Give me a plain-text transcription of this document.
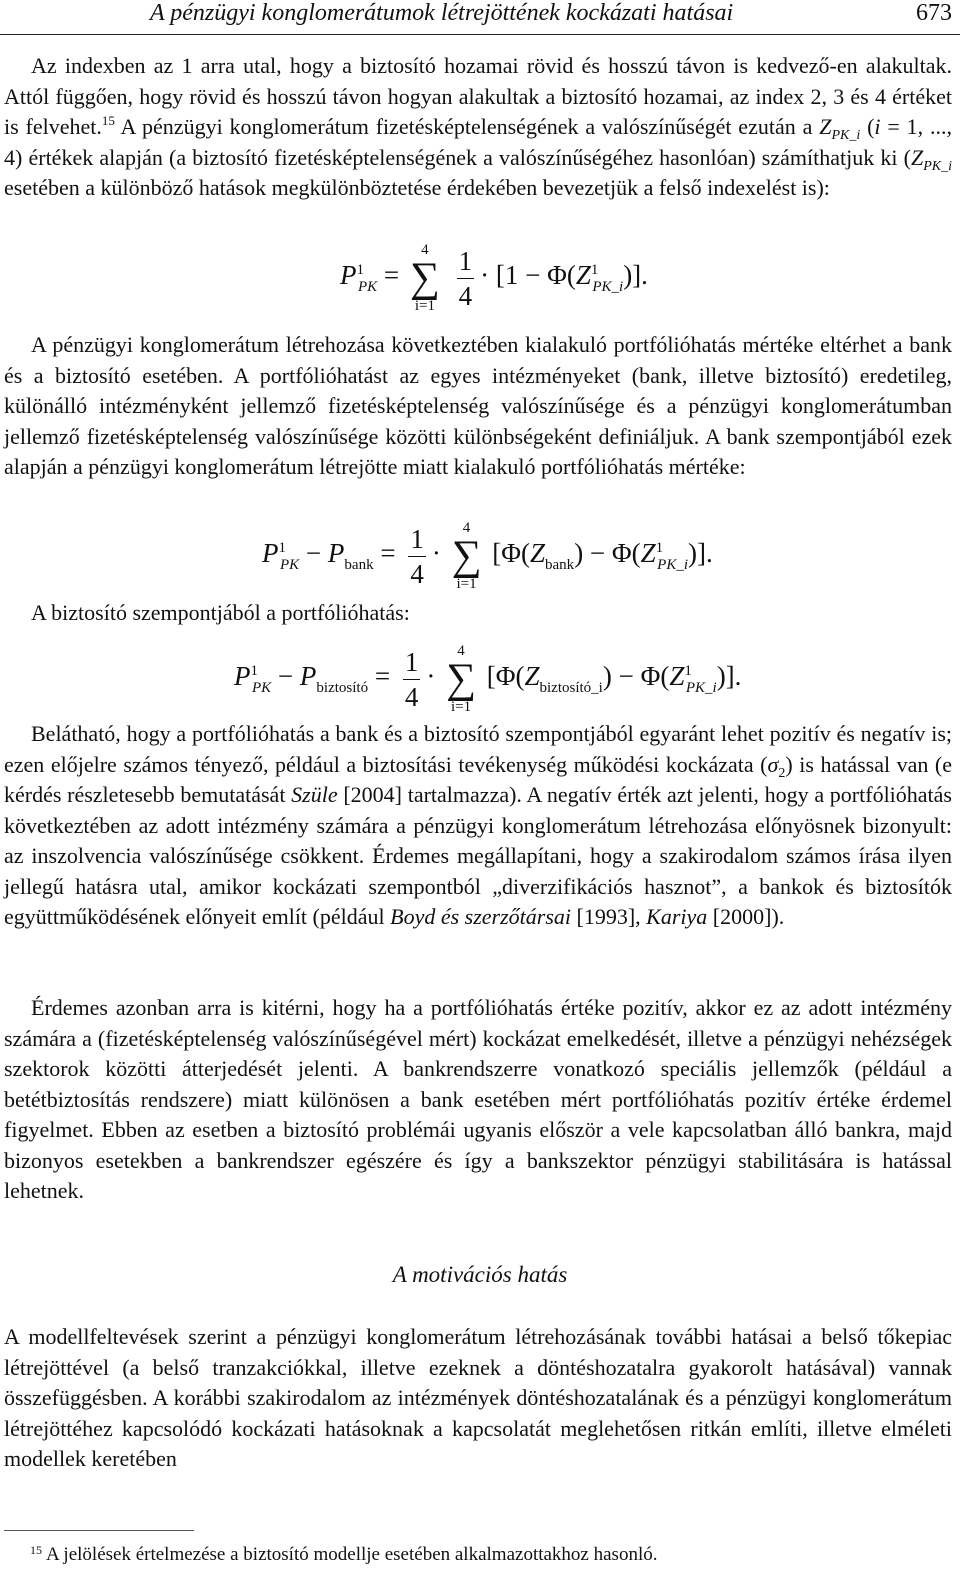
A pénzügyi konglomerátumok létrejöttének kockázati hatásai	673
Az indexben az 1 arra utal, hogy a biztosító hozamai rövid és hosszú távon is kedvező-en alakultak. Attól függően, hogy rövid és hosszú távon hogyan alakultak a biztosító hozamai, az index 2, 3 és 4 értéket is felvehet.$^{15}$ A pénzügyi konglomerátum fizetésképtelenségének a valószínűségét ezután a $Z_{PK\_i}$ (i = 1, ..., 4) értékek alapján (a biztosító fizetésképtelenségének a valószínűségéhez hasonlóan) számíthatjuk ki ($Z_{PK\_i}$ esetében a különböző hatások megkülönböztetése érdekében bevezetjük a felső indexelést is):
$P^1_{PK}$ =
4
∑
i=1
$\frac{1}{4} \cdot [1 - \Phi(Z^1_{PK\_i})]$.
A pénzügyi konglomerátum létrehozása következtében kialakuló portfólióhatás mértéke eltérhet a bank és a biztosító esetében. A portfólióhatást az egyes intézményeket (bank, illetve biztosító) eredetileg, különálló intézményként jellemző fizetésképtelenség valószínűsége és a pénzügyi konglomerátumban jellemző fizetésképtelenség valószínűsége közötti különbségeként definiáljuk. A bank szempontjából ezek alapján a pénzügyi konglomerátum létrejötte miatt kialakuló portfólióhatás mértéke:
$P^1_{PK} - P_{bank} = \frac{1}{4}$ ·
4
∑
i=1
$[\Phi(Z_{bank}) - \Phi(Z^1_{PK\_i})]$.
A biztosító szempontjából a portfólióhatás:
$P^1_{PK} - P_{biztosító} = \frac{1}{4}$ ·
4
∑
i=1
$[\Phi(Z_{biztosító\_i}) - \Phi(Z^1_{PK\_i})]$.
Belátható, hogy a portfólióhatás a bank és a biztosító szempontjából egyaránt lehet pozitív és negatív is; ezen előjelre számos tényező, például a biztosítási tevékenység működési kockázata $(\sigma_2)$ is hatással van (e kérdés részletesebb bemutatását Szüle [2004] tartalmazza). A negatív érték azt jelenti, hogy a portfólióhatás következtében az adott intézmény számára a pénzügyi konglomerátum létrehozása előnyösnek bizonyult: az inszolvencia valószínűsége csökkent. Érdemes megállapítani, hogy a szakirodalom számos írása ilyen jellegű hatásra utal, amikor kockázati szempontból „diverzifikációs hasznot”, a bankok és biztosítók együttműködésének előnyeit említ (például Boyd és szerzőtársai [1993], Kariya [2000]).
Érdemes azonban arra is kitérni, hogy ha a portfólióhatás értéke pozitív, akkor ez az adott intézmény számára a (fizetésképtelenség valószínűségével mért) kockázat emelkedését, illetve a pénzügyi nehézségek szektorok közötti átterjedését jelenti. A bankrendszerre vonatkozó speciális jellemzők (például a betétbiztosítás rendszere) miatt különösen a bank esetében mért portfólióhatás pozitív értéke érdemel figyelmet. Ebben az esetben a biztosító problémái ugyanis először a vele kapcsolatban álló bankra, majd bizonyos esetekben a bankrendszer egészére és így a bankszektor pénzügyi stabilitására is hatással lehetnek.
A motivációs hatás
A modellfeltevések szerint a pénzügyi konglomerátum létrehozásának további hatásai a belső tőkepiac létrejöttével (a belső tranzakciókkal, illetve ezeknek a döntéshozatalra gyakorolt hatásával) vannak összefüggésben. A korábbi szakirodalom az intézmények döntéshozatalának és a pénzügyi konglomerátum létrejöttéhez kapcsolódó kockázati hatásoknak a kapcsolatát meglehetősen ritkán említi, illetve elméleti modellek keretében
$^{15}$ A jelölések értelmezése a biztosító modellje esetében alkalmazottakhoz hasonló.
